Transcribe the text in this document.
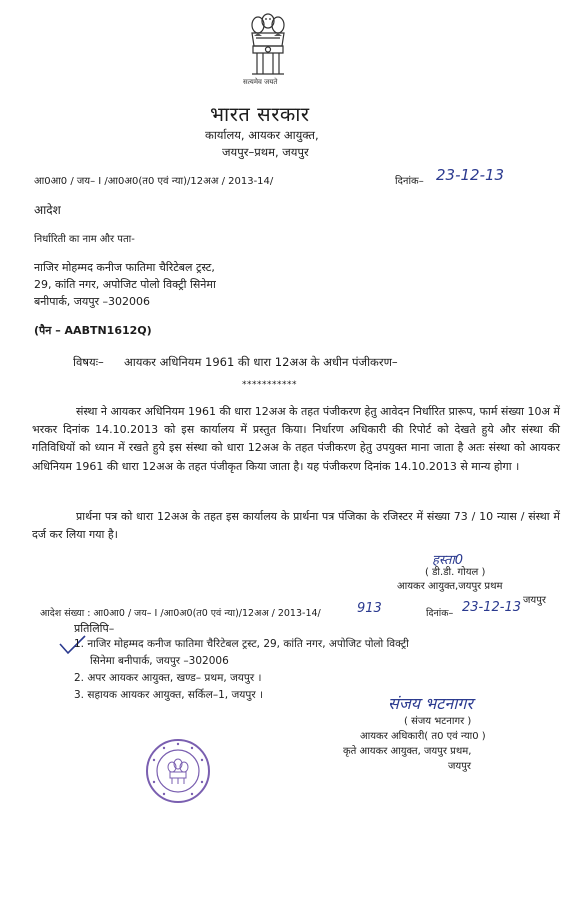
सत्यमेव जयते
भारत सरकार
कार्यालय, आयकर आयुक्त,
जयपुर–प्रथम, जयपुर
आ0आ0 / जय– I /आ0अ0(त0 एवं न्या)/12अअ / 2013-14/	दिनांक– 23-12-13
आदेश
निर्धारिती का नाम और पता-
नाजिर मोहम्मद कनीज फातिमा चैरिटेबल ट्रस्ट,
29, कांति नगर, अपोजिट पोलो विक्ट्री सिनेमा
बनीपार्क, जयपुर –302006
(पैन – AABTN1612Q)
विषयः– आयकर अधिनियम 1961 की धारा 12अअ के अधीन पंजीकरण–
***********

संस्था ने आयकर अधिनियम 1961 की धारा 12अअ के तहत पंजीकरण हेतु आवेदन निर्धारित प्रारूप, फार्म संख्या 10अ में भरकर दिनांक 14.10.2013 को इस कार्यालय में प्रस्तुत किया। निर्धारण अधिकारी की रिपोर्ट को देखते हुये और संस्था की गतिविधियों को ध्यान में रखते हुये इस संस्था को धारा 12अअ के तहत पंजीकरण हेतु उपयुक्त माना जाता है अतः संस्था को आयकर अधिनियम 1961 की धारा 12अअ के तहत पंजीकृत किया जाता है। यह पंजीकरण दिनांक 14.10.2013 से मान्य होगा ।

प्रार्थना पत्र को धारा 12अअ के तहत इस कार्यालय के प्रार्थना पत्र पंजिका के रजिस्टर में संख्या 73 / 10 न्यास / संस्था में दर्ज कर लिया गया है।

हस्ता0
( डी.डी. गोयल )
आयकर आयुक्त,जयपुर प्रथम
जयपुर
आदेश संख्या : आ0आ0 / जय– I /आ0अ0(त0 एवं न्या)/12अअ / 2013-14/	913	दिनांक– 23-12-13
प्रतिलिपि–
1. नाजिर मोहम्मद कनीज फातिमा चैरिटेबल ट्रस्ट, 29, कांति नगर, अपोजिट पोलो विक्ट्री
सिनेमा बनीपार्क, जयपुर –302006
2. अपर आयकर आयुक्त, खण्ड– प्रथम, जयपुर ।
3. सहायक आयकर आयुक्त, सर्किल–1, जयपुर ।	संजय भटनागर
( संजय भटनागर )
आयकर अधिकारी( त0 एवं न्या0 )
कृते आयकर आयुक्त, जयपुर प्रथम,
जयपुर
